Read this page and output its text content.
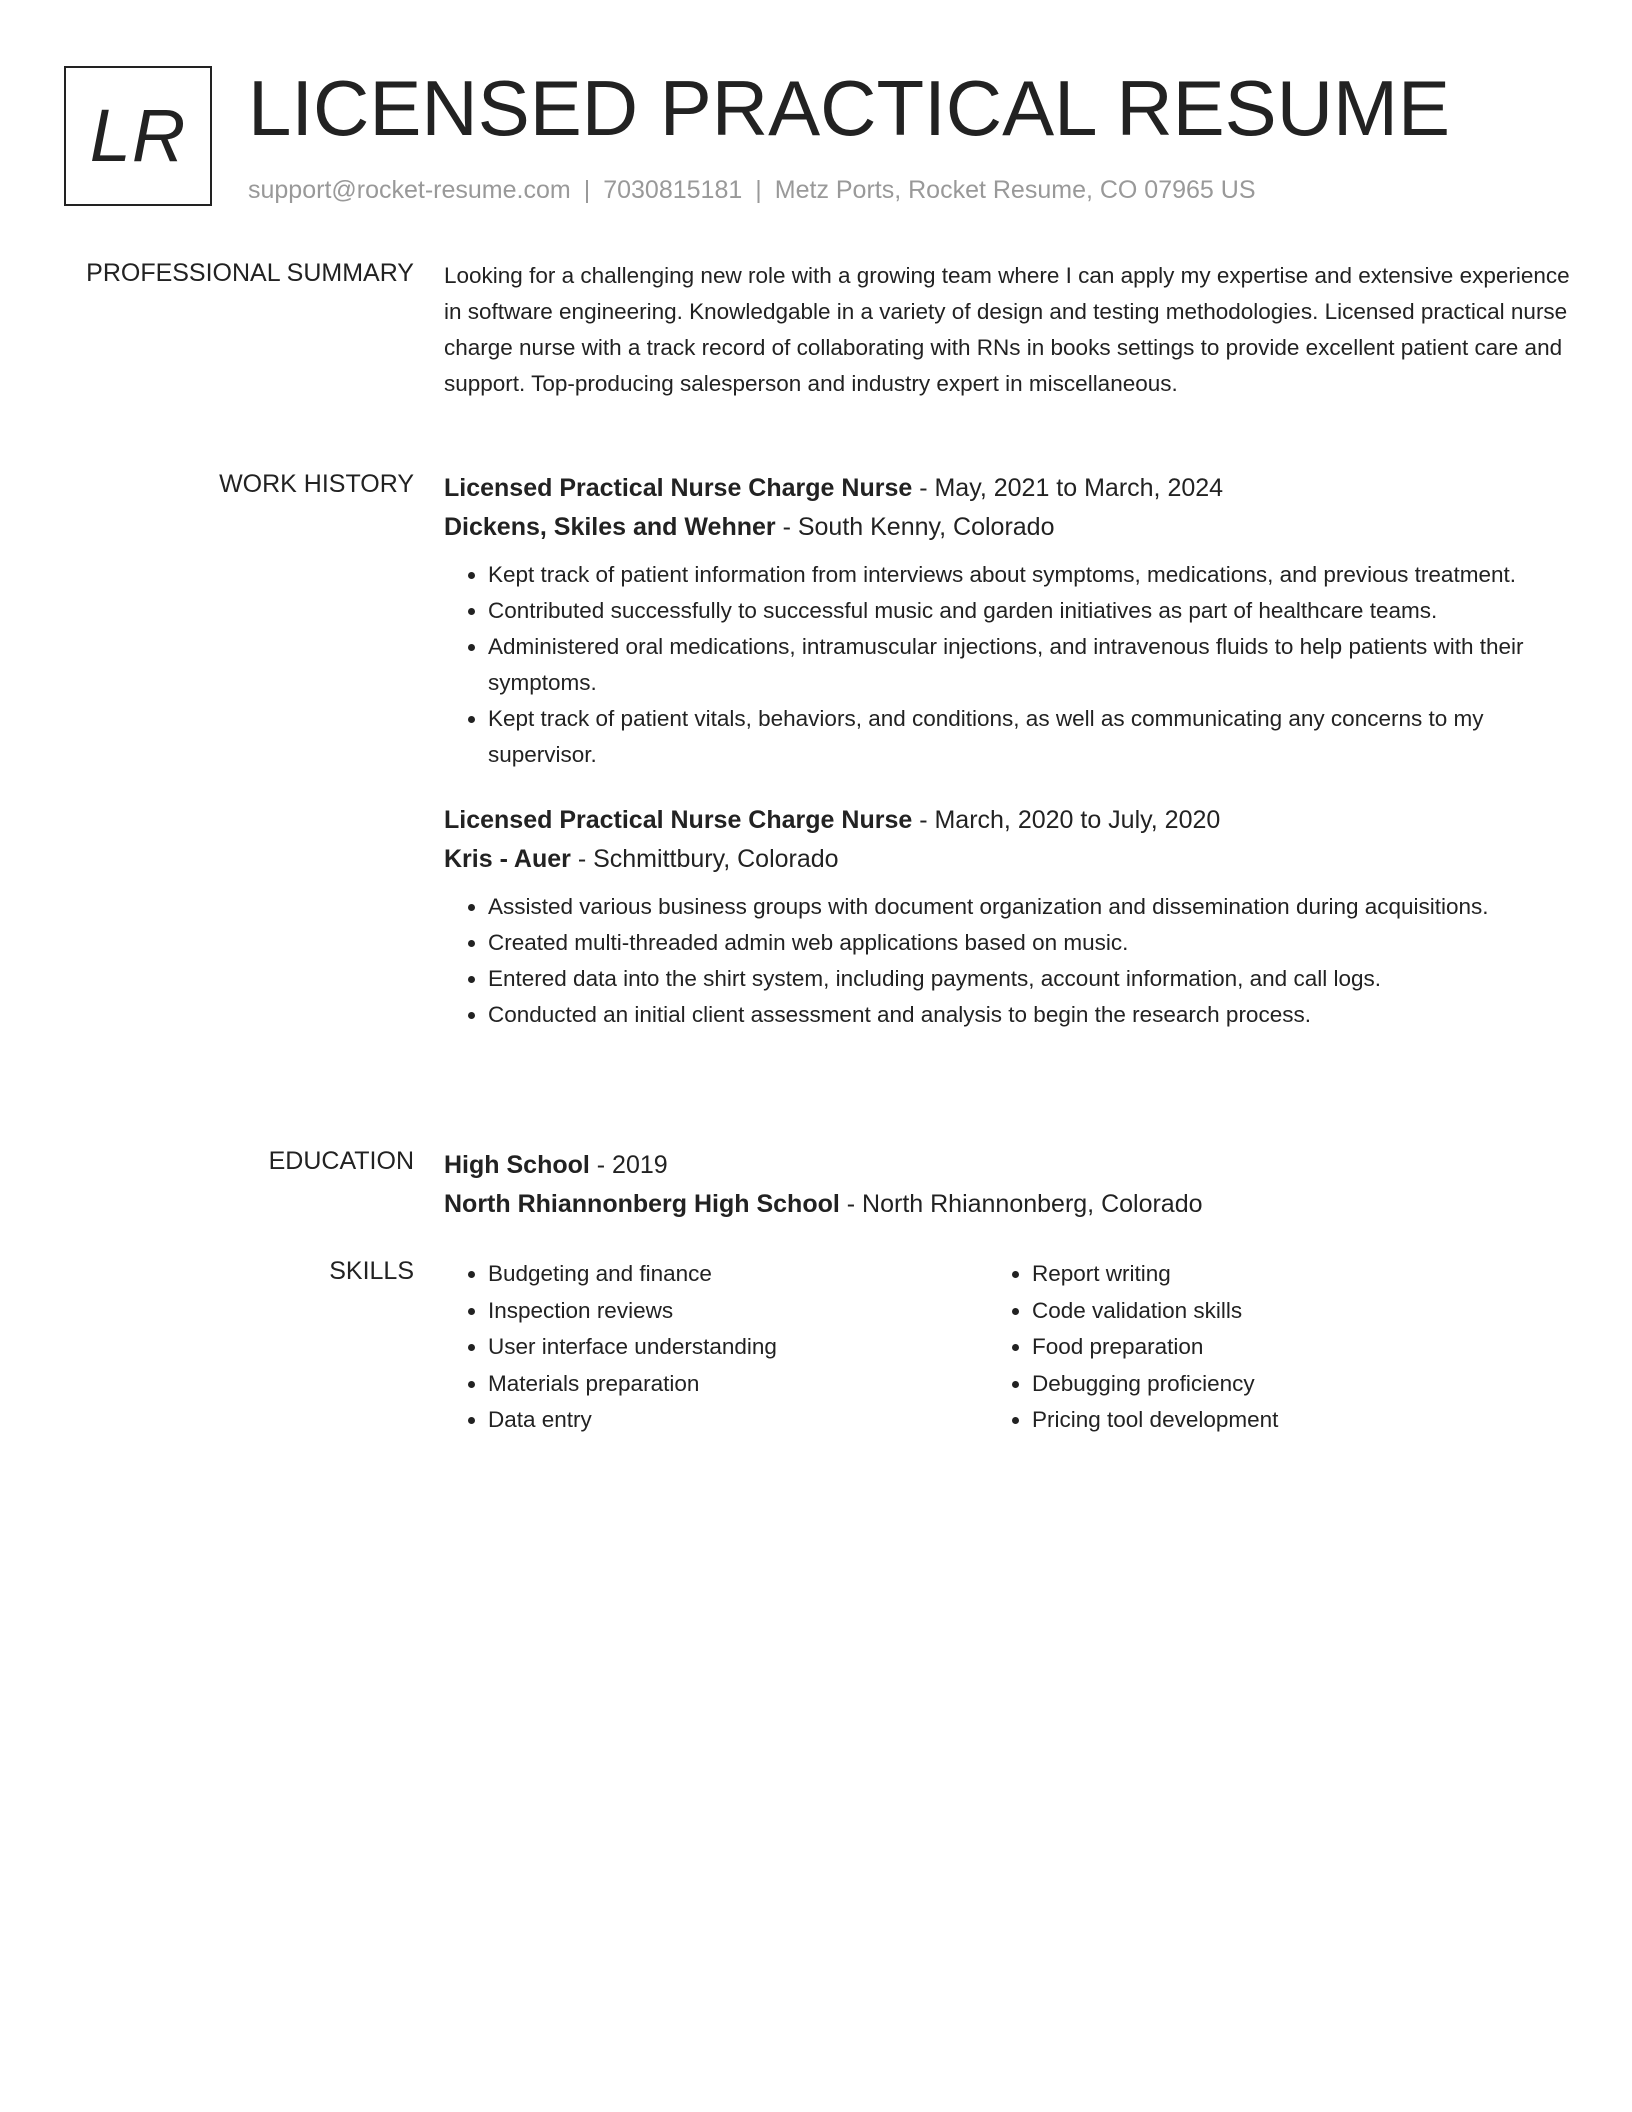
LR LICENSED PRACTICAL RESUME
support@rocket-resume.com | 7030815181 | Metz Ports, Rocket Resume, CO 07965 US
PROFESSIONAL SUMMARY Looking for a challenging new role with a growing team where I can apply my expertise and extensive experience in software engineering. Knowledgable in a variety of design and testing methodologies. Licensed practical nurse charge nurse with a track record of collaborating with RNs in books settings to provide excellent patient care and support. Top-producing salesperson and industry expert in miscellaneous.

WORK HISTORY Licensed Practical Nurse Charge Nurse - May, 2021 to March, 2024
Dickens, Skiles and Wehner - South Kenny, Colorado
• Kept track of patient information from interviews about symptoms, medications, and previous treatment.
• Contributed successfully to successful music and garden initiatives as part of healthcare teams.
• Administered oral medications, intramuscular injections, and intravenous fluids to help patients with their symptoms.
• Kept track of patient vitals, behaviors, and conditions, as well as communicating any concerns to my supervisor.
Licensed Practical Nurse Charge Nurse - March, 2020 to July, 2020
Kris - Auer - Schmittbury, Colorado
• Assisted various business groups with document organization and dissemination during acquisitions.
• Created multi-threaded admin web applications based on music.
• Entered data into the shirt system, including payments, account information, and call logs.
• Conducted an initial client assessment and analysis to begin the research process.
EDUCATION High School - 2019
North Rhiannonberg High School - North Rhiannonberg, Colorado
SKILLS
•	Budgeting and finance
• Inspection reviews
• User interface understanding
• Materials preparation
• Data entry
• Report writing
• Code validation skills
• Food preparation
• Debugging proficiency
• Pricing tool development
